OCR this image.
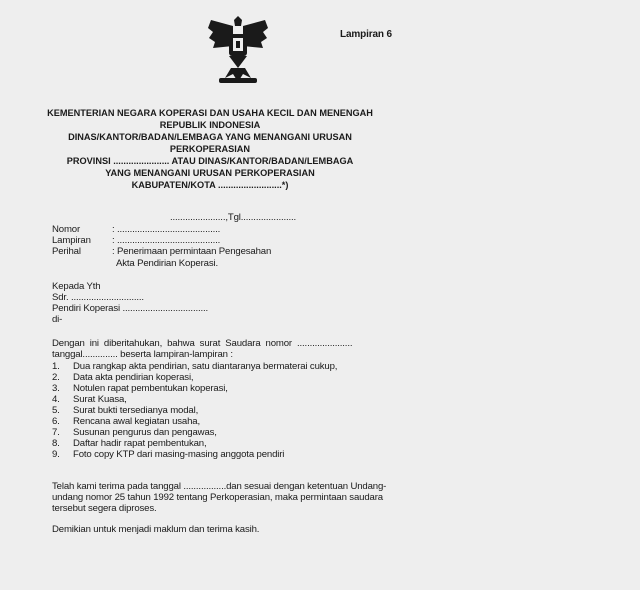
Lampiran 6
KEMENTERIAN NEGARA KOPERASI DAN USAHA KECIL DAN MENENGAH
REPUBLIK INDONESIA
DINAS/KANTOR/BADAN/LEMBAGA YANG MENANGANI URUSAN
PERKOPERASIAN
PROVINSI ...................... ATAU DINAS/KANTOR/BADAN/LEMBAGA
YANG MENANGANI URUSAN PERKOPERASIAN
KABUPATEN/KOTA .........................*)
......................,Tgl......................
Nomor	: .........................................
Lampiran : .........................................
Perihal	: Penerimaan permintaan Pengesahan
Akta Pendirian Koperasi.
Kepada Yth
Sdr. .............................
Pendiri Koperasi ..................................
di-
Dengan  ini  diberitahukan,  bahwa  surat  Saudara  nomor  ......................
tanggal.............. beserta lampiran-lampiran :
1. Dua rangkap akta pendirian, satu diantaranya bermaterai cukup,
2. Data akta pendirian koperasi,
3. Notulen rapat pembentukan koperasi,
4. Surat Kuasa,
5. Surat bukti tersedianya modal,
6. Rencana awal kegiatan usaha,
7. Susunan pengurus dan pengawas,
8. Daftar hadir rapat pembentukan,
9. Foto copy KTP dari masing-masing anggota pendiri
Telah kami terima pada tanggal .................dan sesuai dengan ketentuan Undang-
undang nomor 25 tahun 1992 tentang Perkoperasian, maka permintaan saudara
tersebut segera diproses.
Demikian untuk menjadi maklum dan terima kasih.
